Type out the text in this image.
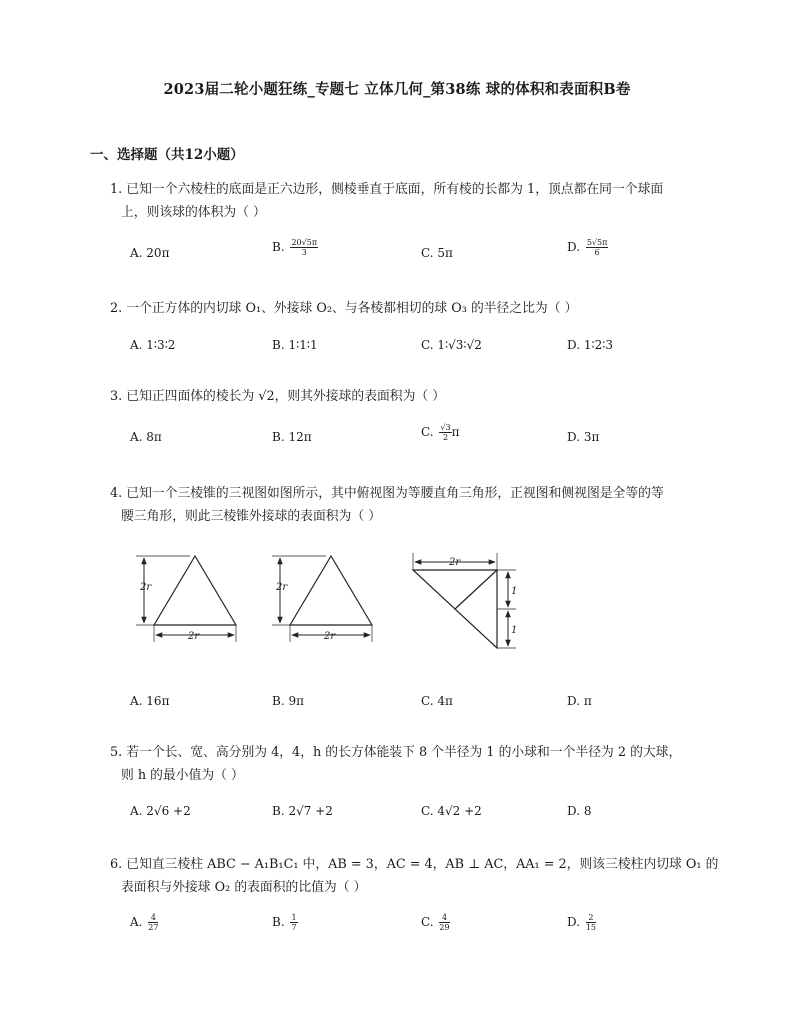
2023届二轮小题狂练_专题七 立体几何_第38练 球的体积和表面积B卷
一、选择题（共12小题）
1. 已知一个六棱柱的底面是正六边形，侧棱垂直于底面，所有棱的长都为 1，顶点都在同一个球面
上，则该球的体积为（ ）
A. 20π	B. $\frac{20√5\pi}{3}$	C. 5π	D. $\frac{5√5\pi}{6}$
2. 一个正方体的内切球 O₁、外接球 O₂、与各棱都相切的球 O₃ 的半径之比为（ ）
A. 1∶3∶2	B. 1∶1∶1	C. 1∶√3∶√2	D. 1∶2∶3
3. 已知正四面体的棱长为 √2，则其外接球的表面积为（ ）
A. 8π	B. 12π	C. $\frac{√3}{2}$ π	D. 3π
4. 已知一个三棱锥的三视图如图所示，其中俯视图为等腰直角三角形，正视图和侧视图是全等的等
腰三角形，则此三棱锥外接球的表面积为（ ）
2r
2r
2r
2r
2r
1
1
A. 16π	B. 9π	C. 4π	D. π
5. 若一个长、宽、高分别为 4，4，h 的长方体能装下 8 个半径为 1 的小球和一个半径为 2 的大球，
则 h 的最小值为（ ）
A. 2√6 +2	B. 2√7 +2	C. 4√2 +2	D. 8
6. 已知直三棱柱 ABC − A₁B₁C₁ 中，AB = 3，AC = 4，AB ⊥ AC，AA₁ = 2，则该三棱柱内切球 O₁ 的
表面积与外接球 O₂ 的表面积的比值为（ ）
A. $\frac{4}{27}$	B. $\frac{1}{7}$	C. $\frac{4}{29}$	D. $\frac{2}{15}$
